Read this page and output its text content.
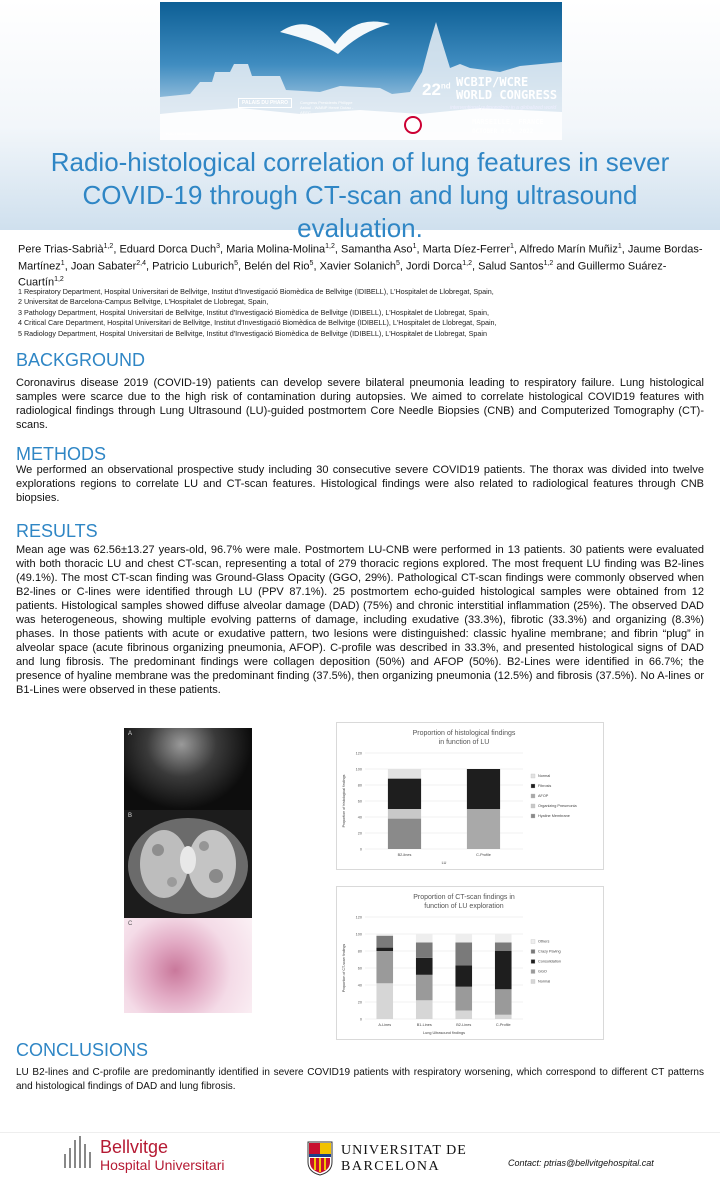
PALAIS DU PHARO	Congress Presidents Philippe Astoul - WABIP Hervé Dutau - AEEC
Photo 1 Credit Marseille
22nd WCBIP/WCRE WORLD CONGRESS
interventional pulmonology in a globalized world
MARSEILLE, FRANCE
OCTOBER 6-9, 2022
Radio-histological correlation of lung features in sever COVID-19 through CT-scan and lung ultrasound evaluation.
Pere Trias-Sabrià$^{1,2}$, Eduard Dorca Duch$^3$, Maria Molina-Molina$^{1,2}$, Samantha Aso$^1$, Marta Díez-Ferrer$^1$, Alfredo Marín Muñiz$^1$, Jaume Bordas-Martínez$^1$, Joan Sabater$^{2,4}$, Patricio Luburich$^5$, Belén del Rio$^5$, Xavier Solanich$^5$, Jordi Dorca$^{1,2}$, Salud Santos$^{1,2}$ and Guillermo Suárez-Cuartín$^{1,2}$
1 Respiratory Department, Hospital Universitari de Bellvitge, Institut d'Investigació Biomèdica de Bellvitge (IDIBELL), L'Hospitalet de Llobregat, Spain,
2 Universitat de Barcelona-Campus Bellvitge, L'Hospitalet de Llobregat, Spain,
3 Pathology Department, Hospital Universitari de Bellvitge, Institut d'Investigació Biomèdica de Bellvitge (IDIBELL), L'Hospitalet de Llobregat, Spain,
4 Critical Care Department, Hospital Universitari de Bellvitge, Institut d'Investigació Biomèdica de Bellvitge (IDIBELL), L'Hospitalet de Llobregat, Spain,
5 Radiology Department, Hospital Universitari de Bellvitge, Institut d'Investigació Biomèdica de Bellvitge (IDIBELL), L'Hospitalet de Llobregat, Spain
BACKGROUND
Coronavirus disease 2019 (COVID-19) patients can develop severe bilateral pneumonia leading to respiratory failure. Lung histological samples were scarce due to the high risk of contamination during autopsies. We aimed to correlate histological COVID19 features with radiological findings through Lung Ultrasound (LU)-guided postmortem Core Needle Biopsies (CNB) and Computerized Tomography (CT)-scans.
METHODS
We performed an observational prospective study including 30 consecutive severe COVID19 patients. The thorax was divided into twelve explorations regions to correlate LU and CT-scan features. Histological findings were also related to radiological features through CNB biopsies.
RESULTS
Mean age was 62.56±13.27 years-old, 96.7% were male. Postmortem LU-CNB were performed in 13 patients. 30 patients were evaluated with both thoracic LU and chest CT-scan, representing a total of 279 thoracic regions explored. The most frequent LU finding was B2-lines (49.1%). The most CT-scan finding was Ground-Glass Opacity (GGO, 29%). Pathological CT-scan findings were commonly observed when B2-lines or C-lines were identified through LU (PPV 87.1%). 25 postmortem echo-guided histological samples were obtained from 12 patients. Histological samples showed diffuse alveolar damage (DAD) (75%) and chronic interstitial inflammation (25%). The observed DAD was heterogeneous, showing multiple evolving patterns of damage, including exudative (33.3%), fibrotic (33.3%) and organizing (8.3%) phases. In those patients with acute or exudative pattern, two lesions were distinguished: classic hyaline membrane; and fibrin “plug” in alveolar space (acute fibrinous organizing pneumonia, AFOP). C-profile was described in 33.3%, and presented histological signs of DAD and lung fibrosis. The predominant findings were collagen deposition (50%) and AFOP (50%). B2-Lines were identified in 66.7%; the presence of hyaline membrane was the predominant finding (37.5%), then organizing pneumonia (12.5%) and fibrosis (37.5%). No A-lines or B1-Lines were observed in these patients.
A
B
C
Proportion of histological findings in function of LU
0
20
40
60
80
100
120
Proportion of histological findings
B2-lines	C-Profile
LU
Normal
Fibrosis
AFOP
Organizing Pneumonia
Hyaline Membrane
Proportion of CT-scan findings in function of LU exploration
0
20
40
60
80
100
120
Proportion of CT-scan findings
A-Lines	B1-Lines	B2-Lines	C-Profile
Lung Ultrasound findings
Others
Crazy Paving
Consolidation
GGO
Normal
CONCLUSIONS
LU B2-lines and C-profile are predominantly identified in severe COVID19 patients with respiratory worsening, which correspond to different CT patterns and histological findings of DAD and lung fibrosis.
Bellvitge
Hospital Universitari
UNIVERSITAT DE
BARCELONA	Contact: ptrias@bellvitgehospital.cat
